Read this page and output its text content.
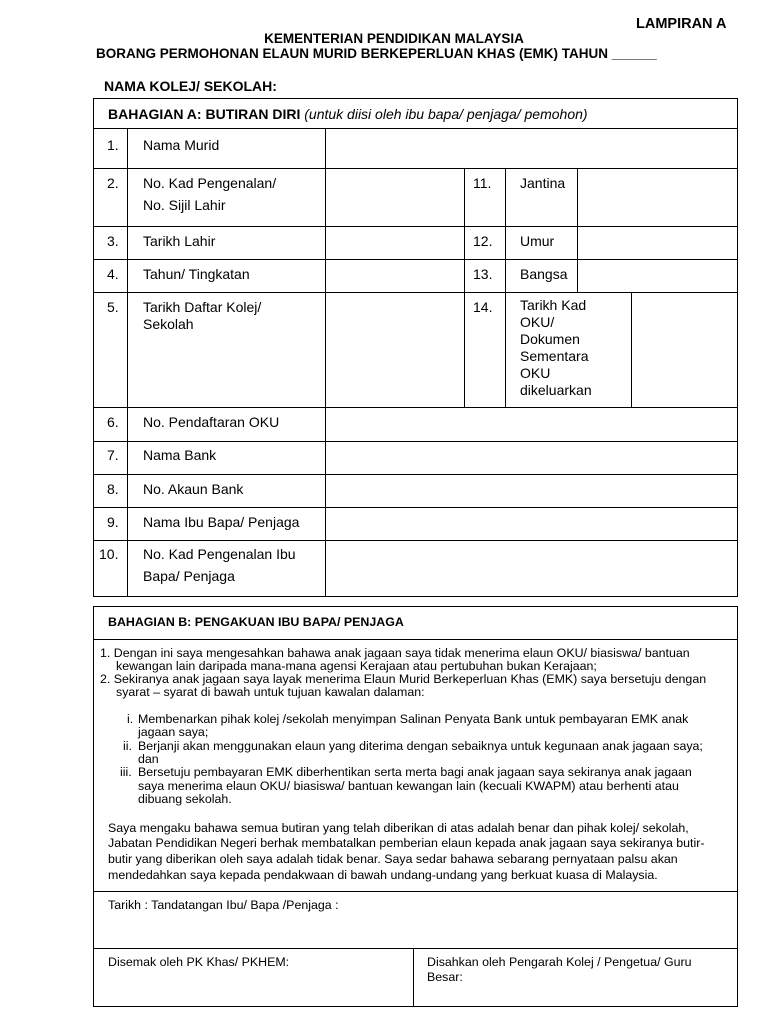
LAMPIRAN A
KEMENTERIAN PENDIDIKAN MALAYSIA
BORANG PERMOHONAN ELAUN MURID BERKEPERLUAN KHAS (EMK) TAHUN ______
NAMA KOLEJ/ SEKOLAH:
BAHAGIAN A: BUTIRAN DIRI (untuk diisi oleh ibu bapa/ penjaga/ pemohon)
1. Nama Murid
2. No. Kad Pengenalan/
No. Sijil Lahir
11. Jantina
3. Tarikh Lahir	12. Umur
4. Tahun/ Tingkatan	13. Bangsa
5. Tarikh Daftar Kolej/
Sekolah
14. Tarikh Kad
OKU/
Dokumen
Sementara
OKU
dikeluarkan
6. No. Pendaftaran OKU
7. Nama Bank
8. No. Akaun Bank
9. Nama Ibu Bapa/ Penjaga
10. No. Kad Pengenalan Ibu
Bapa/ Penjaga
BAHAGIAN B: PENGAKUAN IBU BAPA/ PENJAGA
1. Dengan ini saya mengesahkan bahawa anak jagaan saya tidak menerima elaun OKU/ biasiswa/ bantuan
kewangan lain daripada mana-mana agensi Kerajaan atau pertubuhan bukan Kerajaan;
2. Sekiranya anak jagaan saya layak menerima Elaun Murid Berkeperluan Khas (EMK) saya bersetuju dengan
syarat – syarat di bawah untuk tujuan kawalan dalaman:
i. Membenarkan pihak kolej /sekolah menyimpan Salinan Penyata Bank untuk pembayaran EMK anak
jagaan saya;
ii. Berjanji akan menggunakan elaun yang diterima dengan sebaiknya untuk kegunaan anak jagaan saya;
dan
iii. Bersetuju pembayaran EMK diberhentikan serta merta bagi anak jagaan saya sekiranya anak jagaan
saya menerima elaun OKU/ biasiswa/ bantuan kewangan lain (kecuali KWAPM) atau berhenti atau
dibuang sekolah.
Saya mengaku bahawa semua butiran yang telah diberikan di atas adalah benar dan pihak kolej/ sekolah,
Jabatan Pendidikan Negeri berhak membatalkan pemberian elaun kepada anak jagaan saya sekiranya butir-
butir yang diberikan oleh saya adalah tidak benar. Saya sedar bahawa sebarang pernyataan palsu akan
mendedahkan saya kepada pendakwaan di bawah undang-undang yang berkuat kuasa di Malaysia.
Tarikh : Tandatangan Ibu/ Bapa /Penjaga :
Disemak oleh PK Khas/ PKHEM:	Disahkan oleh Pengarah Kolej / Pengetua/ Guru
Besar:
